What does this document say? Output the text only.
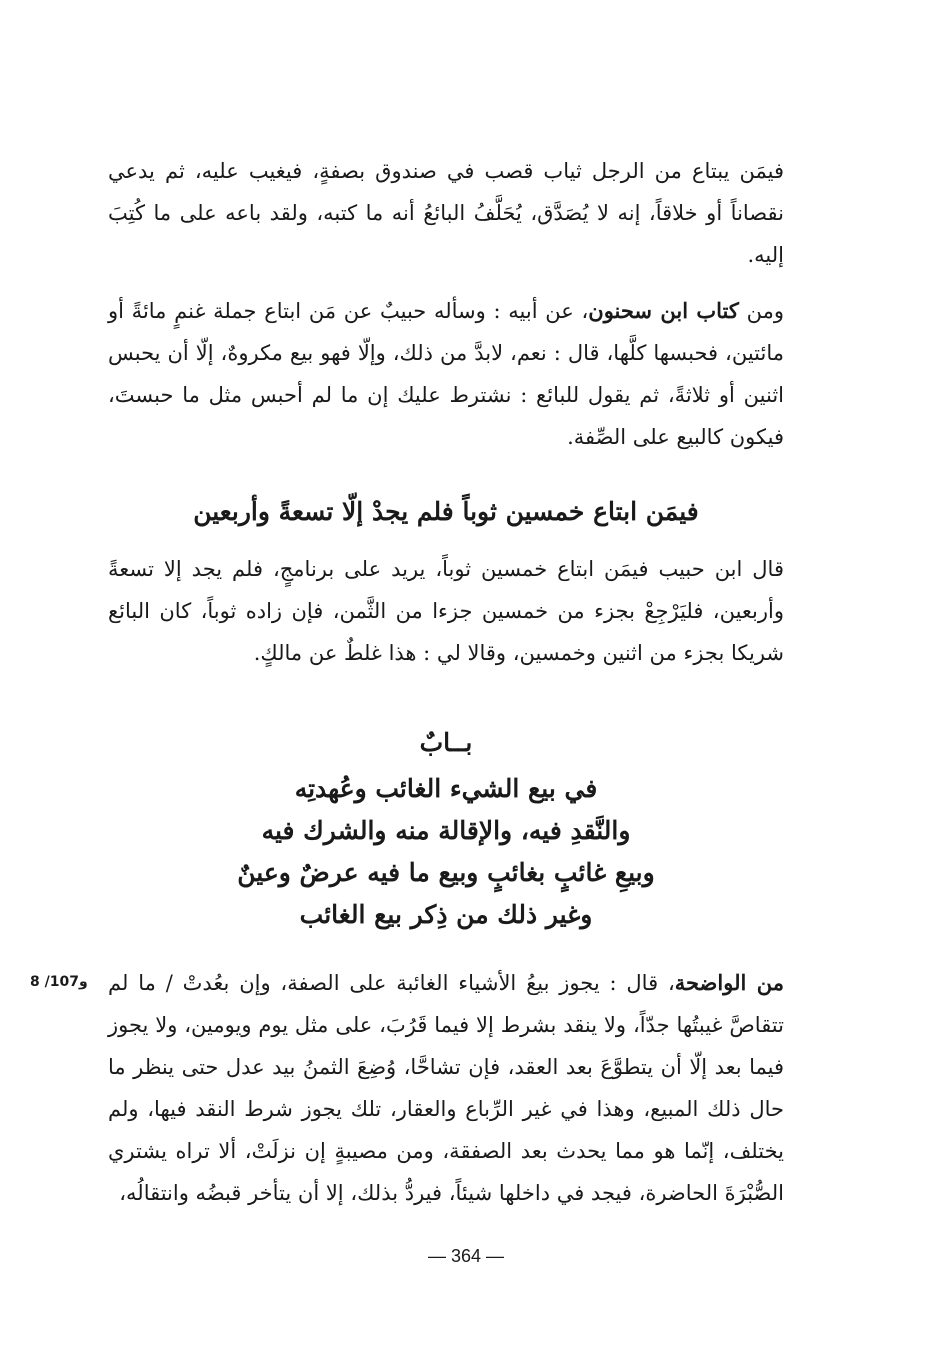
فيمَن يبتاع من الرجل ثياب قصب في صندوق بصفةٍ، فيغيب عليه، ثم يدعي نقصاناً أو خلاقاً، إنه لا يُصَدَّق، يُحَلَّفُ البائعُ أنه ما كتبه، ولقد باعه على ما كُتِبَ إليه.

ومن كتاب ابن سحنون، عن أبيه : وسأله حبيبٌ عن مَن ابتاع جملة غنمٍ مائةً أو مائتين، فحبسها كلَّها، قال : نعم، لابدَّ من ذلك، وإلّا فهو بيع مكروهٌ، إلّا أن يحبس اثنين أو ثلاثةً، ثم يقول للبائع : نشترط عليك إن ما لم أحبس مثل ما حبستَ، فيكون كالبيع على الصِّفة.

فيمَن ابتاع خمسين ثوباً فلم يجدْ إلّا تسعةً وأربعين

قال ابن حبيب فيمَن ابتاع خمسين ثوباً، يريد على برنامجٍ، فلم يجد إلا تسعةً وأربعين، فليَرْجِعْ بجزء من خمسين جزءا من الثَّمن، فإن زاده ثوباً، كان البائع شريكا بجزء من اثنين وخمسين، وقالا لي : هذا غلطٌ عن مالكٍ.

بــابٌ
في بيع الشيء الغائب وعُهدتِه
والنَّقدِ فيه، والإقالة منه والشرك فيه
وبيعِ غائبٍ بغائبٍ وبيع ما فيه عرضٌ وعينٌ
وغير ذلك من ذِكر بيع الغائب
8 /107و	من الواضحة، قال : يجوز بيعُ الأشياء الغائبة على الصفة، وإن بعُدتْ / ما لم تتقاصَّ غيبتُها جدّاً، ولا ينقد بشرط إلا فيما قَرُبَ، على مثل يوم ويومين، ولا يجوز فيما بعد إلّا أن يتطوَّعَ بعد العقد، فإن تشاحَّا، وُضِعَ الثمنُ بيد عدل حتى ينظر ما حال ذلك المبيع، وهذا في غير الرِّباع والعقار، تلك يجوز شرط النقد فيها، ولم يختلف، إنّما هو مما يحدث بعد الصفقة، ومن مصيبةٍ إن نزلَتْ، ألا تراه يشتري الصُّبْرَةَ الحاضرة، فيجد في داخلها شيئاً، فيردُّ بذلك، إلا أن يتأخر قبضُه وانتقالُه،

— 364 —
